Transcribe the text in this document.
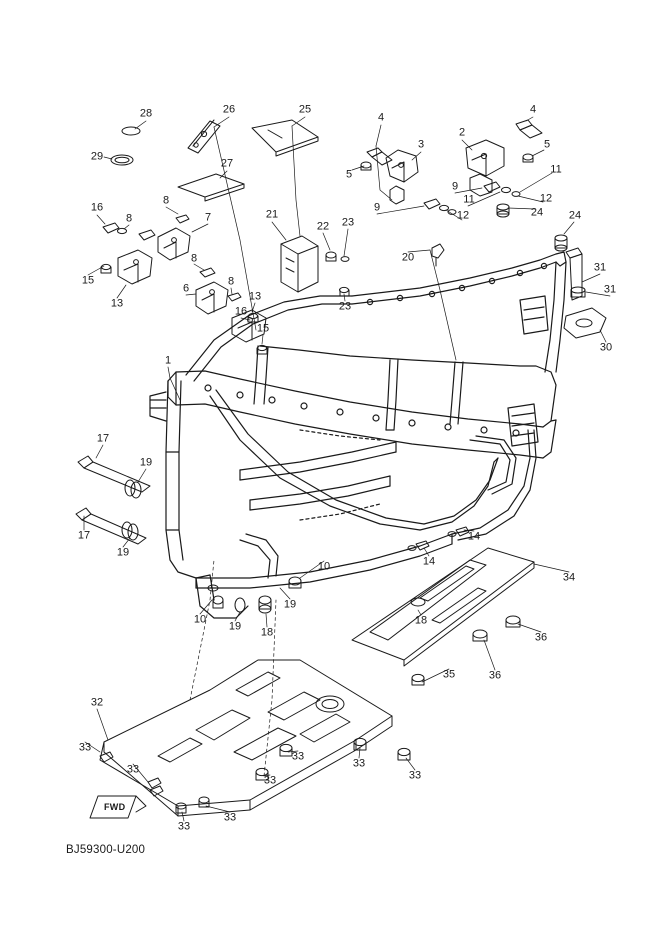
FWD
BJ59300-U200
28	26	25
4
4
2
3
29
5
5
11
27
9
11	12
24 24
16
8
8
7	21
22 23
9
12
20
8
15
13
6
8
13
16	23
31
31
15
30
1
17
19
17
19
14
14
10
34
19
10
19 18
18
36
36
35
32
33
33
33
33
33
33
33
33
